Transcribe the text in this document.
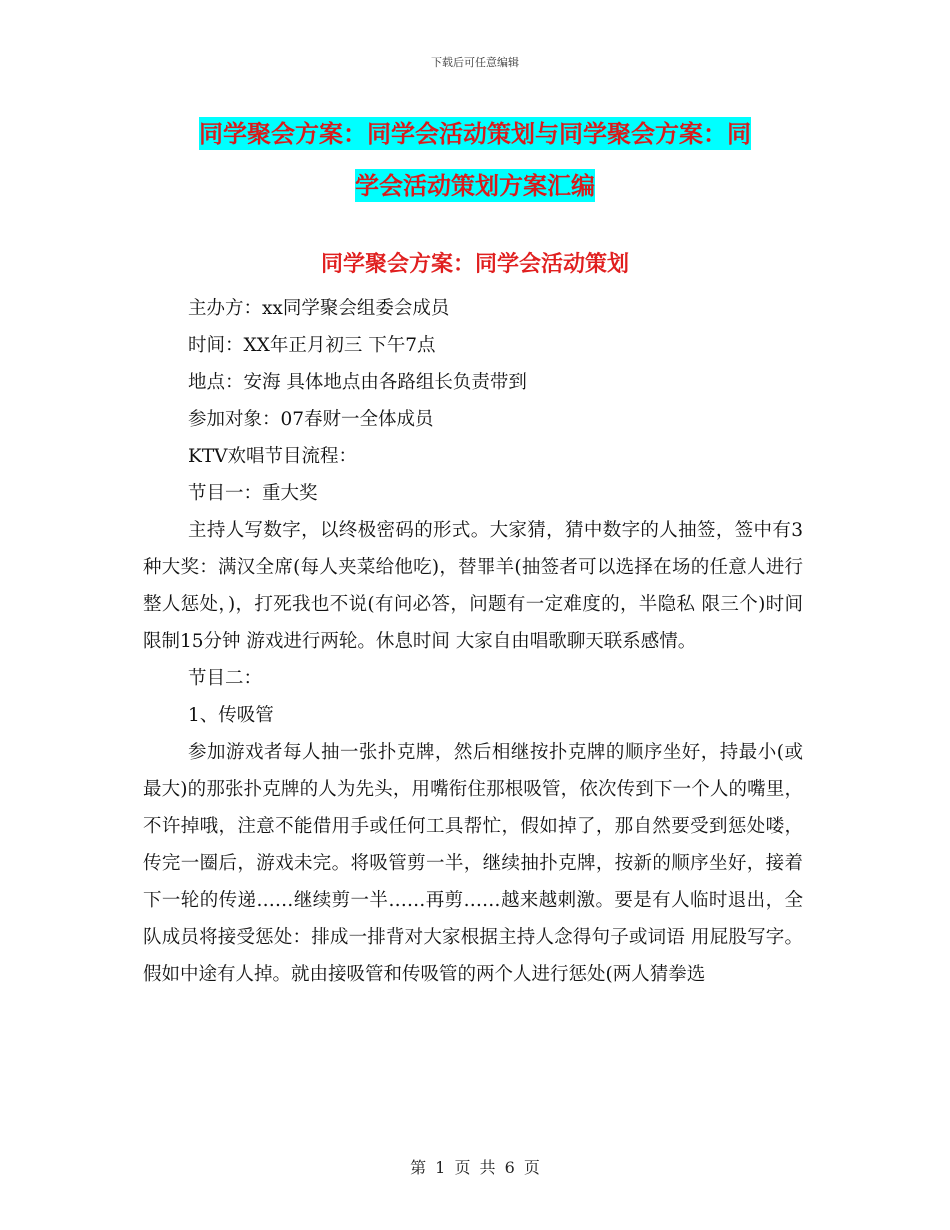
下载后可任意编辑
同学聚会方案：同学会活动策划与同学聚会方案：同
学会活动策划方案汇编
同学聚会方案：同学会活动策划

主办方：xx同学聚会组委会成员

时间：XX年正月初三 下午7点

地点：安海 具体地点由各路组长负责带到

参加对象：07春财一全体成员

KTV欢唱节目流程：

节目一：重大奖

主持人写数字，以终极密码的形式。大家猜，猜中数字的人抽签，签中有3种大奖：满汉全席(每人夹菜给他吃)，替罪羊(抽签者可以选择在场的任意人进行整人惩处，)，打死我也不说(有问必答，问题有一定难度的，半隐私 限三个)时间限制15分钟 游戏进行两轮。休息时间 大家自由唱歌聊天联系感情。

节目二：

1、传吸管

参加游戏者每人抽一张扑克牌，然后相继按扑克牌的顺序坐好，持最小(或最大)的那张扑克牌的人为先头，用嘴衔住那根吸管，依次传到下一个人的嘴里，不许掉哦，注意不能借用手或任何工具帮忙，假如掉了，那自然要受到惩处喽，传完一圈后，游戏未完。将吸管剪一半，继续抽扑克牌，按新的顺序坐好，接着下一轮的传递……继续剪一半……再剪……越来越刺激。要是有人临时退出，全队成员将接受惩处：排成一排背对大家根据主持人念得句子或词语 用屁股写字。假如中途有人掉。就由接吸管和传吸管的两个人进行惩处(两人猜拳选

第 1 页 共 6 页
